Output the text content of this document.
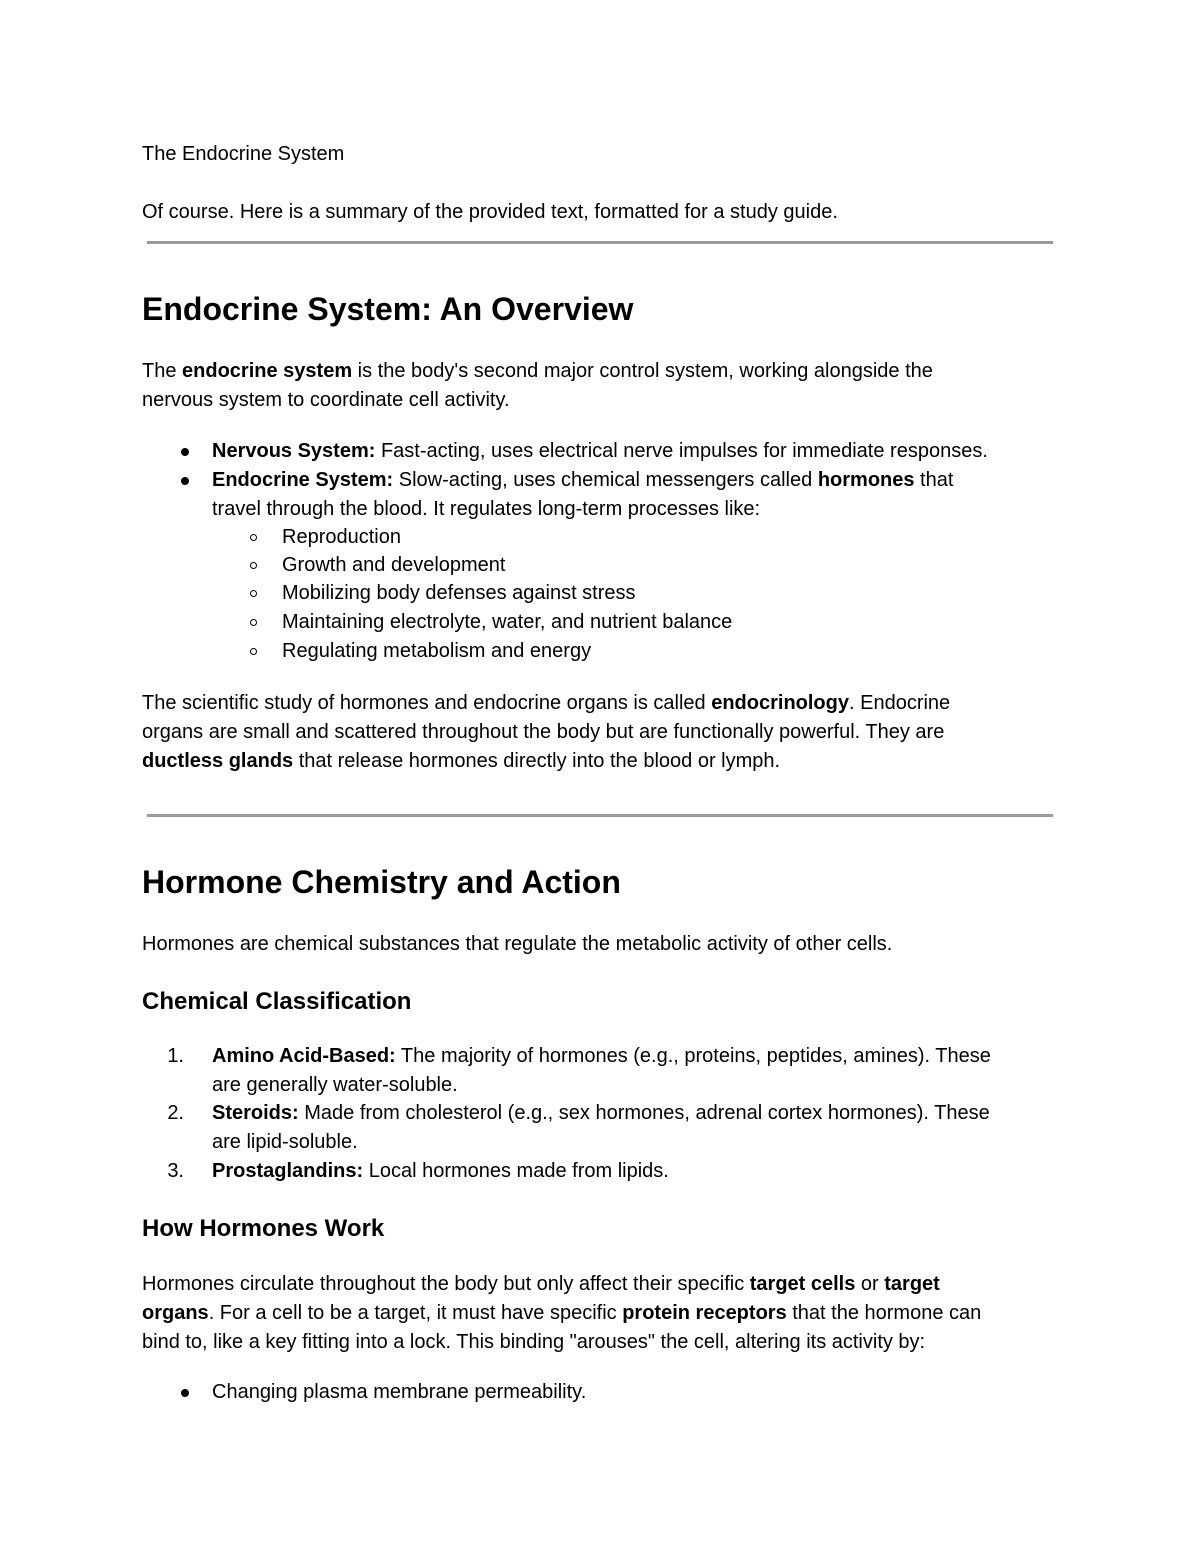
The Endocrine System
Of course. Here is a summary of the provided text, formatted for a study guide.
Endocrine System: An Overview
The endocrine system is the body's second major control system, working alongside the
nervous system to coordinate cell activity.
Nervous System: Fast-acting, uses electrical nerve impulses for immediate responses.
Endocrine System: Slow-acting, uses chemical messengers called hormones that
travel through the blood. It regulates long-term processes like:
Reproduction
Growth and development
Mobilizing body defenses against stress
Maintaining electrolyte, water, and nutrient balance
Regulating metabolism and energy
The scientific study of hormones and endocrine organs is called endocrinology. Endocrine
organs are small and scattered throughout the body but are functionally powerful. They are
ductless glands that release hormones directly into the blood or lymph.
Hormone Chemistry and Action
Hormones are chemical substances that regulate the metabolic activity of other cells.
Chemical Classification
1. Amino Acid-Based: The majority of hormones (e.g., proteins, peptides, amines). These
are generally water-soluble.
2. Steroids: Made from cholesterol (e.g., sex hormones, adrenal cortex hormones). These
are lipid-soluble.
3. Prostaglandins: Local hormones made from lipids.
How Hormones Work
Hormones circulate throughout the body but only affect their specific target cells or target
organs. For a cell to be a target, it must have specific protein receptors that the hormone can
bind to, like a key fitting into a lock. This binding "arouses" the cell, altering its activity by:
Changing plasma membrane permeability.
